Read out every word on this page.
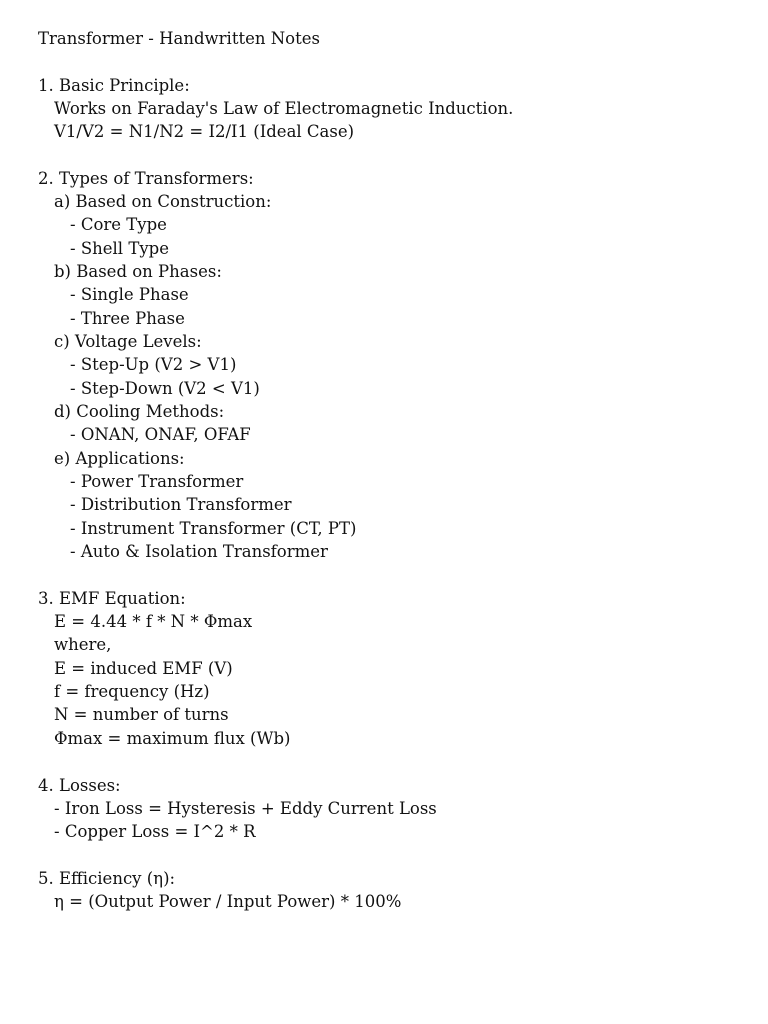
Transformer - Handwritten Notes
1. Basic Principle:
Works on Faraday's Law of Electromagnetic Induction.
V1/V2 = N1/N2 = I2/I1 (Ideal Case)
2. Types of Transformers:
a) Based on Construction:
- Core Type
- Shell Type
b) Based on Phases:
- Single Phase
- Three Phase
c) Voltage Levels:
- Step-Up (V2 > V1)
- Step-Down (V2 < V1)
d) Cooling Methods:
- ONAN, ONAF, OFAF
e) Applications:
- Power Transformer
- Distribution Transformer
- Instrument Transformer (CT, PT)
- Auto & Isolation Transformer
3. EMF Equation:
E = 4.44 * f * N * Φmax
where,
E = induced EMF (V)
f = frequency (Hz)
N = number of turns
Φmax = maximum flux (Wb)
4. Losses:
- Iron Loss = Hysteresis + Eddy Current Loss
- Copper Loss = I^2 * R
5. Efficiency (η):
η = (Output Power / Input Power) * 100%
